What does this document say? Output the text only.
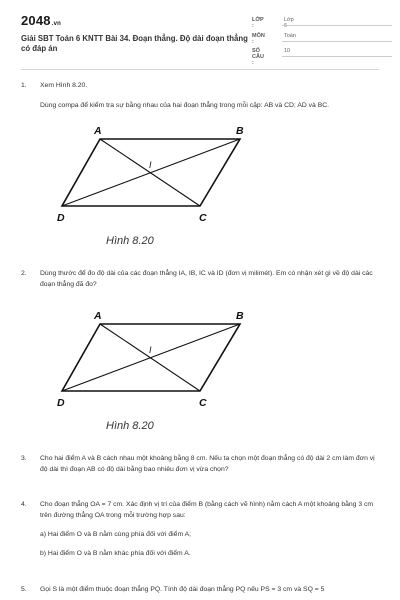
2048.vn
Giải SBT Toán 6 KNTT Bài 34. Đoạn thẳng. Độ dài đoạn thẳng có đáp án
LỚP :
Lớp 6
MÔN :
Toán
SỐ CÂU :
10
1. Xem Hình 8.20.

Dùng compa để kiểm tra sự bằng nhau của hai đoạn thẳng trong mỗi cặp: AB và CD; AD và BC.

A	B
C
D
I
Hình 8.20
2. Dùng thước để đo độ dài của các đoạn thẳng IA, IB, IC và ID (đơn vị milimét). Em có nhận xét gì về độ dài các đoạn thẳng đã đo?

A	B
C
D
I
Hình 8.20
3. Cho hai điểm A và B cách nhau một khoảng bằng 8 cm. Nếu ta chọn một đoạn thẳng có độ dài 2 cm làm đơn vị độ dài thì đoạn AB có độ dài bằng bao nhiêu đơn vị vừa chọn?

4. Cho đoạn thẳng OA = 7 cm. Xác định vị trí của điểm B (bằng cách vẽ hình) nằm cách A một khoảng bằng 3 cm trên đường thẳng OA trong mỗi trường hợp sau:

a) Hai điểm O và B nằm cùng phía đối với điểm A;

b) Hai điểm O và B nằm khác phía đối với điểm A.

5. Gọi S là một điểm thuộc đoạn thẳng PQ. Tính độ dài đoạn thẳng PQ nếu PS = 3 cm và SQ = 5
